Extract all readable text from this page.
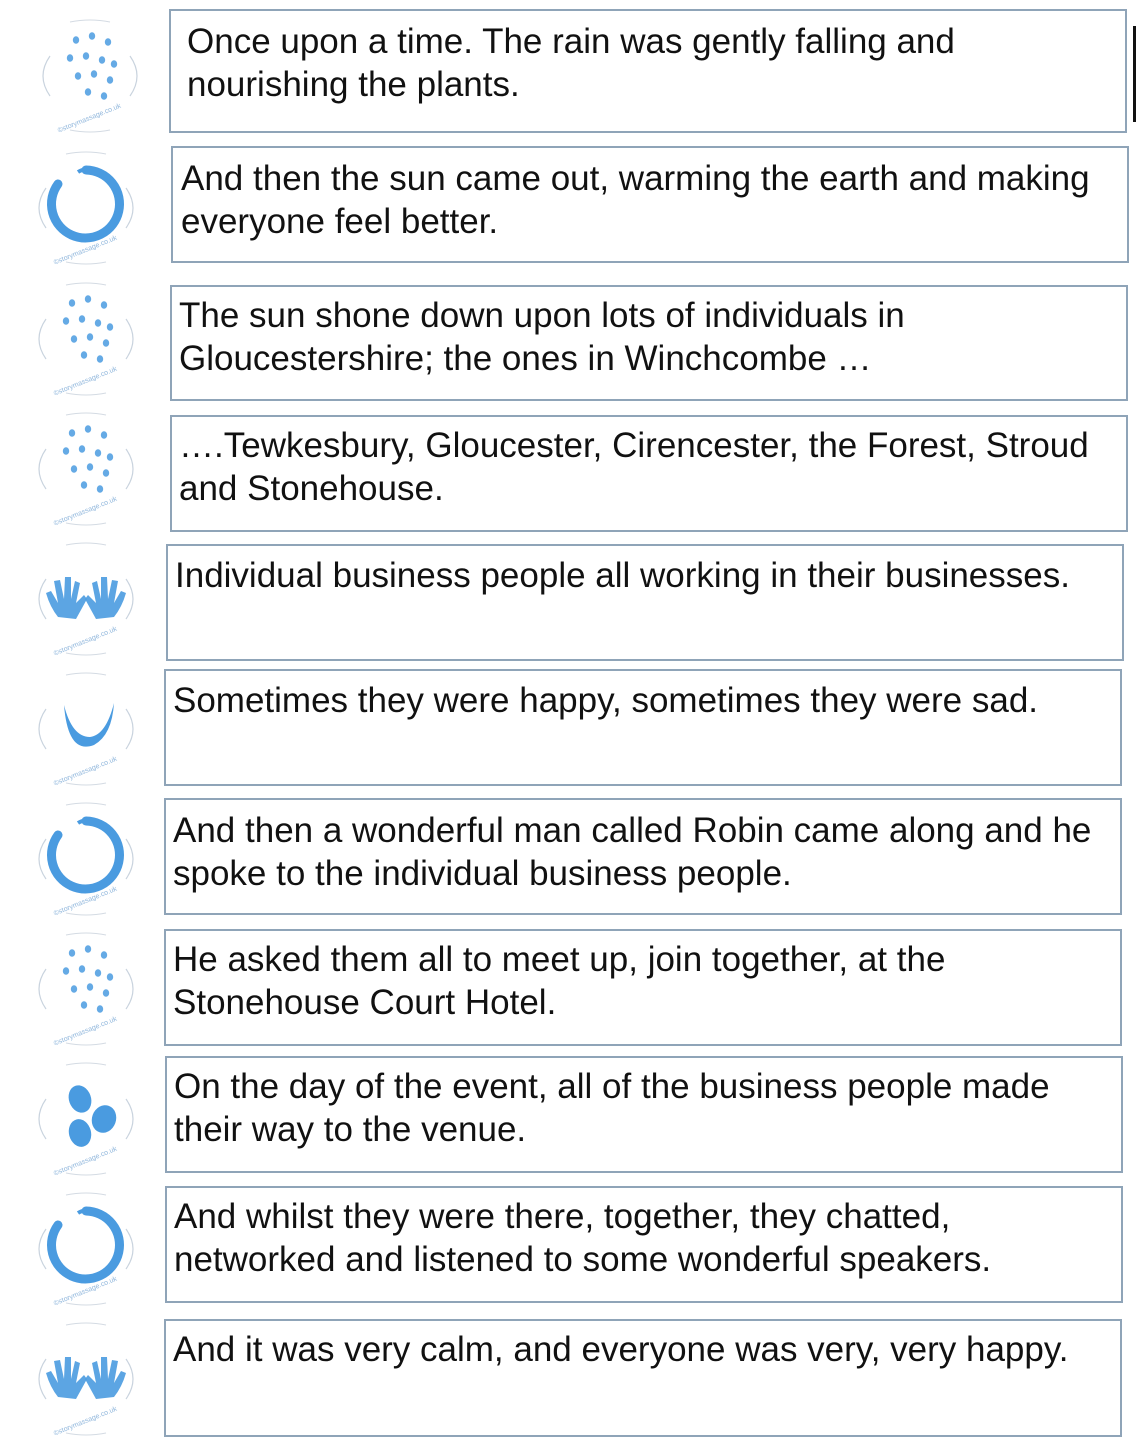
©storymassage.co.uk
Once upon a time. The rain was gently falling and nourishing the plants.
©storymassage.co.uk
And then the sun came out, warming the earth and making everyone feel better.
©storymassage.co.uk
The sun shone down upon lots of individuals in Gloucestershire; the ones in Winchcombe …
©storymassage.co.uk
….Tewkesbury, Gloucester, Cirencester, the Forest, Stroud and Stonehouse.
©storymassage.co.uk
Individual business people all working in their businesses.
©storymassage.co.uk
Sometimes they were happy, sometimes they were sad.
©storymassage.co.uk
And then a wonderful man called Robin came along and he spoke to the individual business people.
©storymassage.co.uk
He asked them all to meet up, join together, at the Stonehouse Court Hotel.
©storymassage.co.uk
On the day of the event, all of the business people made their way to the venue.
©storymassage.co.uk
And whilst they were there, together, they chatted, networked and listened to some wonderful speakers.
©storymassage.co.uk
And it was very calm, and everyone was very, very happy.
